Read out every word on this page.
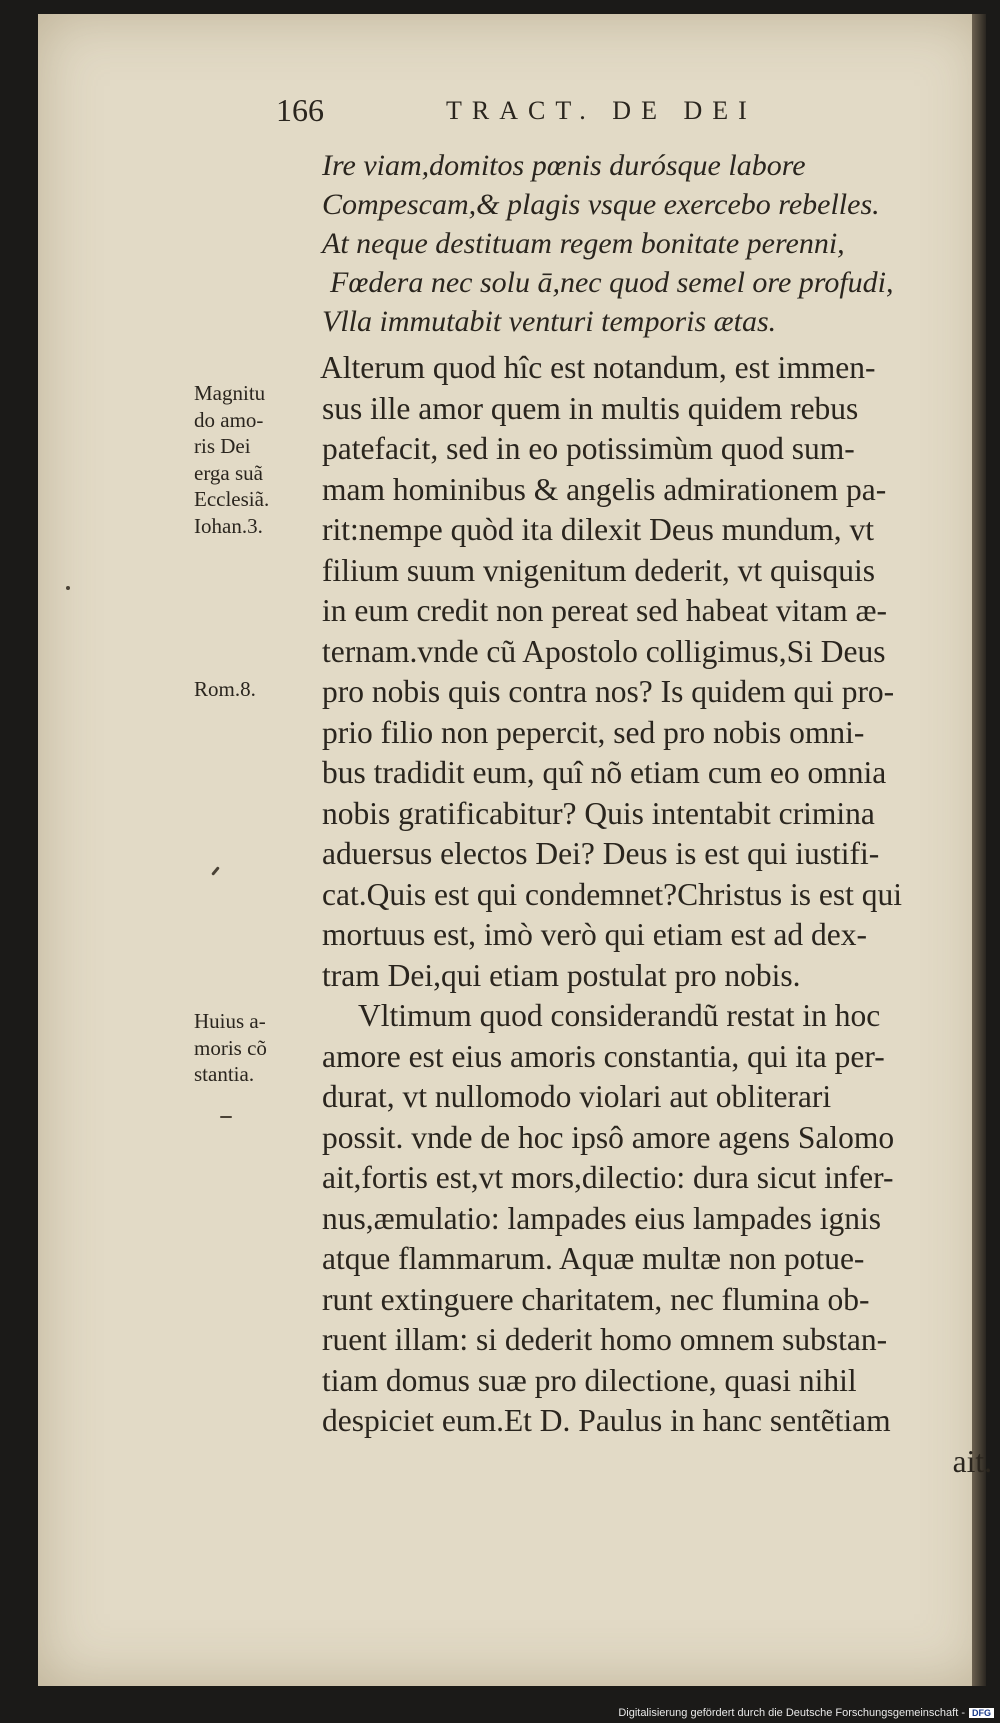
166	TRACT. DE DEI
Ire viam,domitos pœnis durósque labore
Compescam,& plagis vsque exercebo rebelles.
At neque destituam regem bonitate perenni,
Fœdera nec solu ā,nec quod semel ore profudi,
Vlla immutabit venturi temporis ætas.
Alterum quod hîc est notandum, est immen-
sus ille amor quem in multis quidem rebus
patefacit, sed in eo potissimùm quod sum-
mam hominibus & angelis admirationem pa-
rit:nempe quòd ita dilexit Deus mundum, vt
filium suum vnigenitum dederit, vt quisquis
in eum credit non pereat sed habeat vitam æ-
ternam.vnde cũ Apostolo colligimus,Si Deus
pro nobis quis contra nos? Is quidem qui pro-
prio filio non pepercit, sed pro nobis omni-
bus tradidit eum, quî nõ etiam cum eo omnia
nobis gratificabitur? Quis intentabit crimina
aduersus electos Dei? Deus is est qui iustifi-
cat.Quis est qui condemnet?Christus is est qui
mortuus est, imò verò qui etiam est ad dex-
tram Dei,qui etiam postulat pro nobis.
Vltimum quod considerandũ restat in hoc
amore est eius amoris constantia, qui ita per-
durat, vt nullomodo violari aut obliterari
possit. vnde de hoc ipsô amore agens Salomo
ait,fortis est,vt mors,dilectio: dura sicut infer-
nus,æmulatio: lampades eius lampades ignis
atque flammarum. Aquæ multæ non potue-
runt extinguere charitatem, nec flumina ob-
ruent illam: si dederit homo omnem substan-
tiam domus suæ pro dilectione, quasi nihil
despiciet eum.Et D. Paulus in hanc sentẽtiam
ait.
Magnitu
do amo-
ris Dei
erga suã
Ecclesiã.
Iohan.3.
Rom.8.
Huius a-
moris cõ
stantia.
Digitalisierung gefördert durch die Deutsche Forschungsgemeinschaft - DFG
